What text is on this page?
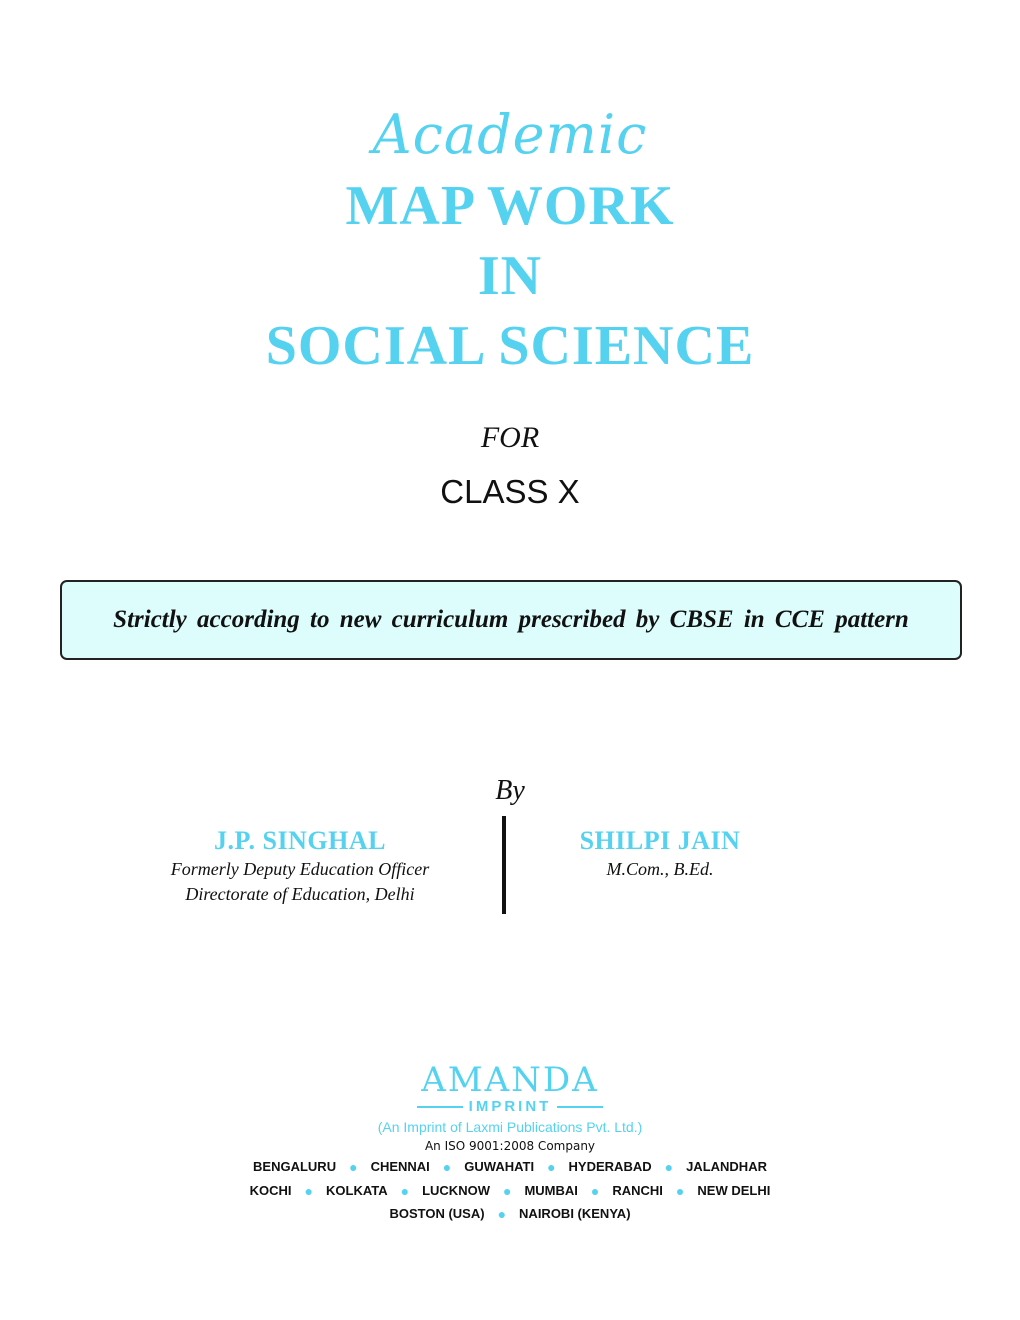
Academic
MAP WORK
IN
SOCIAL SCIENCE
FOR
CLASS X
Strictly according to new curriculum prescribed by CBSE in CCE pattern
By
J.P. SINGHAL
Formerly Deputy Education Officer
Directorate of Education, Delhi
SHILPI JAIN
M.Com., B.Ed.
AMANDA
IMPRINT
(An Imprint of Laxmi Publications Pvt. Ltd.)
An ISO 9001:2008 Company
BENGALURU ●	CHENNAI ●	GUWAHATI ●	HYDERABAD ●	JALANDHAR
KOCHI ●	KOLKATA ●	LUCKNOW ●	MUMBAI ●	RANCHI ●	NEW DELHI
BOSTON (USA) ●	NAIROBI (KENYA)
